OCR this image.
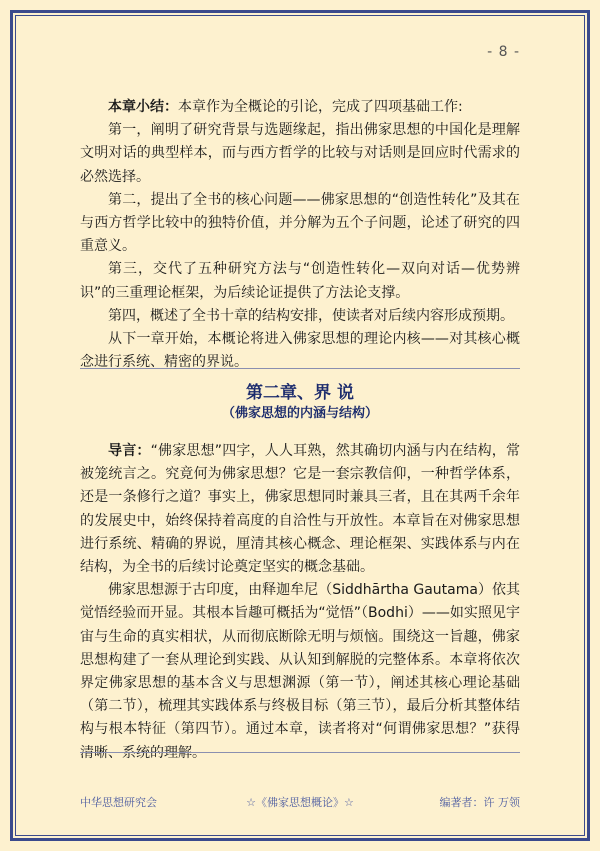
- 8 -

本章小结：本章作为全概论的引论，完成了四项基础工作:

第一，阐明了研究背景与选题缘起，指出佛家思想的中国化是理解文明对话的典型样本，而与西方哲学的比较与对话则是回应时代需求的必然选择。

第二，提出了全书的核心问题——佛家思想的“创造性转化”及其在与西方哲学比较中的独特价值，并分解为五个子问题，论述了研究的四重意义。

第三，交代了五种研究方法与“创造性转化—双向对话—优势辨识”的三重理论框架，为后续论证提供了方法论支撑。

第四，概述了全书十章的结构安排，使读者对后续内容形成预期。

从下一章开始，本概论将进入佛家思想的理论内核——对其核心概念进行系统、精密的界说。

第二章、界 说
（佛家思想的内涵与结构）

导言：“佛家思想”四字，人人耳熟，然其确切内涵与内在结构，常被笼统言之。究竟何为佛家思想？它是一套宗教信仰，一种哲学体系，还是一条修行之道？事实上，佛家思想同时兼具三者，且在其两千余年的发展史中，始终保持着高度的自洽性与开放性。本章旨在对佛家思想进行系统、精确的界说，厘清其核心概念、理论框架、实践体系与内在结构，为全书的后续讨论奠定坚实的概念基础。

佛家思想源于古印度，由释迦牟尼（Siddhārtha Gautama）依其觉悟经验而开显。其根本旨趣可概括为“觉悟”（Bodhi）——如实照见宇宙与生命的真实相状，从而彻底断除无明与烦恼。围绕这一旨趣，佛家思想构建了一套从理论到实践、从认知到解脱的完整体系。本章将依次界定佛家思想的基本含义与思想渊源（第一节），阐述其核心理论基础（第二节），梳理其实践体系与终极目标（第三节），最后分析其整体结构与根本特征（第四节）。通过本章，读者将对“何谓佛家思想？”获得清晰、系统的理解。

中华思想研究会	☆《佛家思想概论》☆	编著者：许 万领
